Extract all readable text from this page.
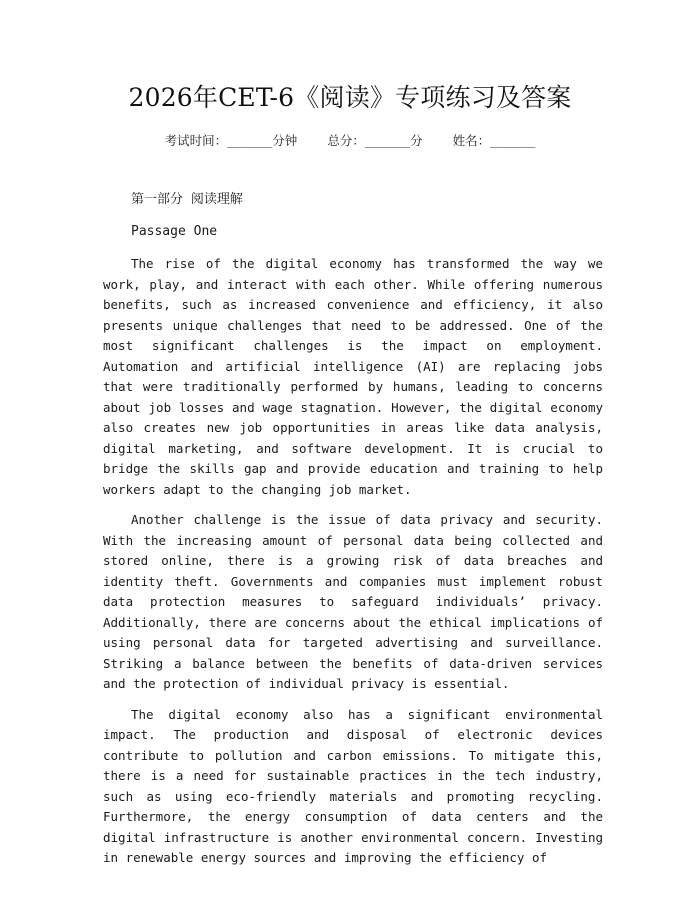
2026年CET-6《阅读》专项练习及答案
考试时间：______分钟    总分：______分    姓名：______
第一部分 阅读理解
Passage One

The rise of the digital economy has transformed the way we work, play, and interact with each other. While offering numerous benefits, such as increased convenience and efficiency, it also presents unique challenges that need to be addressed. One of the most significant challenges is the impact on employment. Automation and artificial intelligence (AI) are replacing jobs that were traditionally performed by humans, leading to concerns about job losses and wage stagnation. However, the digital economy also creates new job opportunities in areas like data analysis, digital marketing, and software development. It is crucial to bridge the skills gap and provide education and training to help workers adapt to the changing job market.

Another challenge is the issue of data privacy and security. With the increasing amount of personal data being collected and stored online, there is a growing risk of data breaches and identity theft. Governments and companies must implement robust data protection measures to safeguard individuals’ privacy. Additionally, there are concerns about the ethical implications of using personal data for targeted advertising and surveillance. Striking a balance between the benefits of data-driven services and the protection of individual privacy is essential.

The digital economy also has a significant environmental impact. The production and disposal of electronic devices contribute to pollution and carbon emissions. To mitigate this, there is a need for sustainable practices in the tech industry, such as using eco-friendly materials and promoting recycling. Furthermore, the energy consumption of data centers and the digital infrastructure is another environmental concern. Investing in renewable energy sources and improving the efficiency of
